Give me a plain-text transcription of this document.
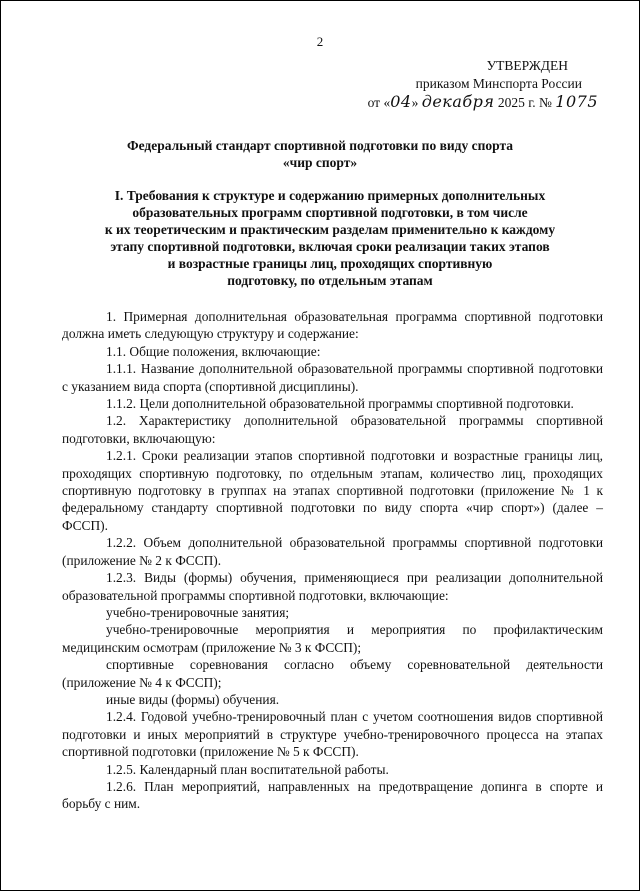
2
УТВЕРЖДЕН
приказом Минспорта России
от «04» декабря 2025 г. № 1075
Федеральный стандарт спортивной подготовки по виду спорта
«чир спорт»
I. Требования к структуре и содержанию примерных дополнительных
образовательных программ спортивной подготовки, в том числе
к их теоретическим и практическим разделам применительно к каждому
этапу спортивной подготовки, включая сроки реализации таких этапов
и возрастные границы лиц, проходящих спортивную
подготовку, по отдельным этапам

1. Примерная дополнительная образовательная программа спортивной подготовки должна иметь следующую структуру и содержание:

1.1. Общие положения, включающие:

1.1.1. Название дополнительной образовательной программы спортивной подготовки с указанием вида спорта (спортивной дисциплины).

1.1.2. Цели дополнительной образовательной программы спортивной подготовки.

1.2. Характеристику дополнительной образовательной программы спортивной подготовки, включающую:

1.2.1. Сроки реализации этапов спортивной подготовки и возрастные границы лиц, проходящих спортивную подготовку, по отдельным этапам, количество лиц, проходящих спортивную подготовку в группах на этапах спортивной подготовки (приложение № 1 к федеральному стандарту спортивной подготовки по виду спорта «чир спорт») (далее – ФССП).

1.2.2. Объем дополнительной образовательной программы спортивной подготовки (приложение № 2 к ФССП).

1.2.3. Виды (формы) обучения, применяющиеся при реализации дополнительной образовательной программы спортивной подготовки, включающие:

учебно-тренировочные занятия;

учебно-тренировочные мероприятия и мероприятия по профилактическим медицинским осмотрам (приложение № 3 к ФССП);

спортивные соревнования согласно объему соревновательной деятельности (приложение № 4 к ФССП);

иные виды (формы) обучения.

1.2.4. Годовой учебно-тренировочный план с учетом соотношения видов спортивной подготовки и иных мероприятий в структуре учебно-тренировочного процесса на этапах спортивной подготовки (приложение № 5 к ФССП).

1.2.5. Календарный план воспитательной работы.

1.2.6. План мероприятий, направленных на предотвращение допинга в спорте и борьбу с ним.
